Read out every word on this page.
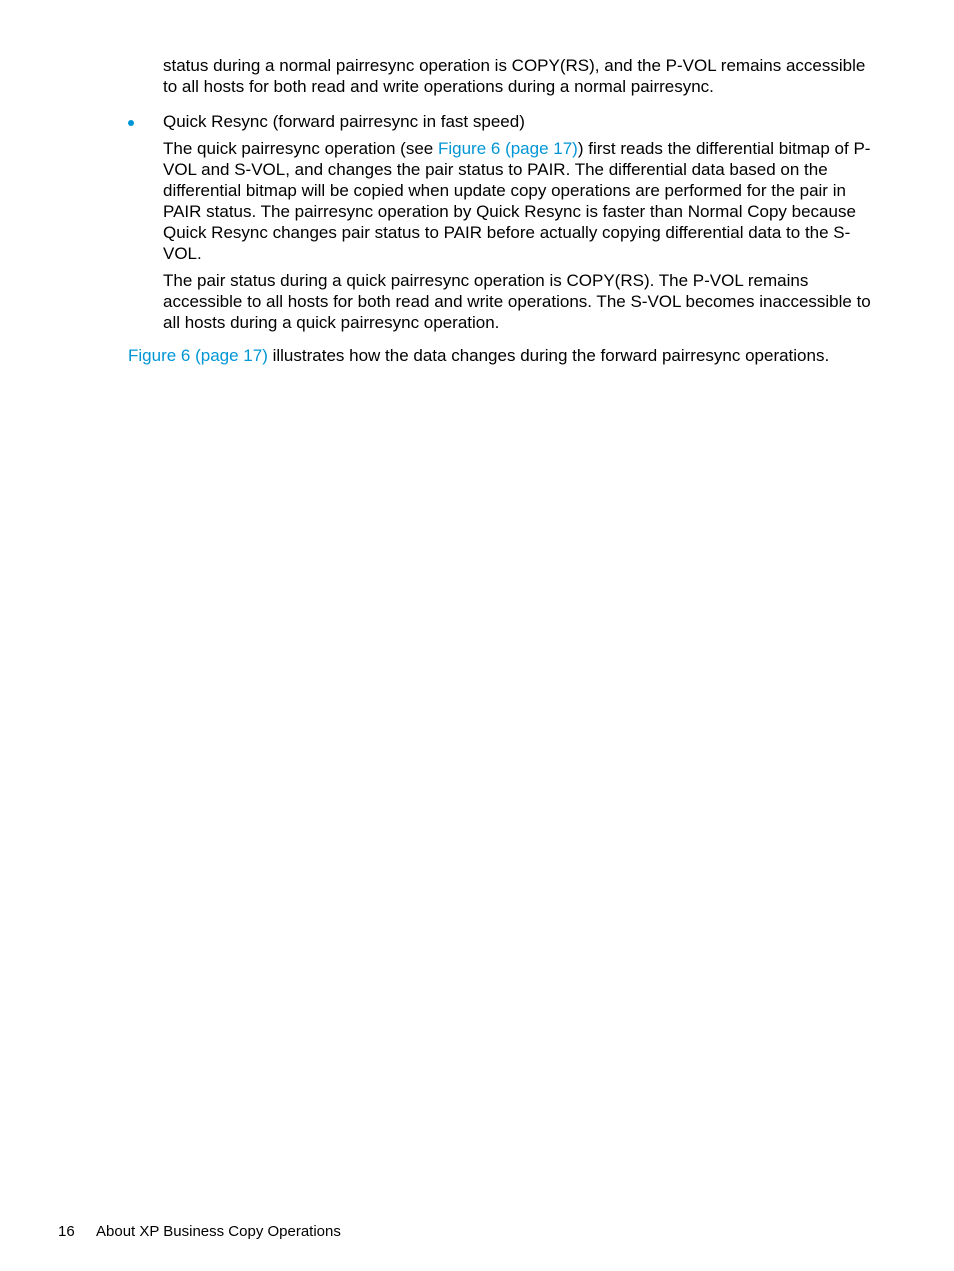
status during a normal pairresync operation is COPY(RS), and the P-VOL remains accessible to all hosts for both read and write operations during a normal pairresync.

Quick Resync (forward pairresync in fast speed)

The quick pairresync operation (see Figure 6 (page 17)) first reads the differential bitmap of P-VOL and S-VOL, and changes the pair status to PAIR. The differential data based on the differential bitmap will be copied when update copy operations are performed for the pair in PAIR status. The pairresync operation by Quick Resync is faster than Normal Copy because Quick Resync changes pair status to PAIR before actually copying differential data to the S-VOL.

The pair status during a quick pairresync operation is COPY(RS). The P-VOL remains accessible to all hosts for both read and write operations. The S-VOL becomes inaccessible to all hosts during a quick pairresync operation.

Figure 6 (page 17) illustrates how the data changes during the forward pairresync operations.

16 About XP Business Copy Operations
